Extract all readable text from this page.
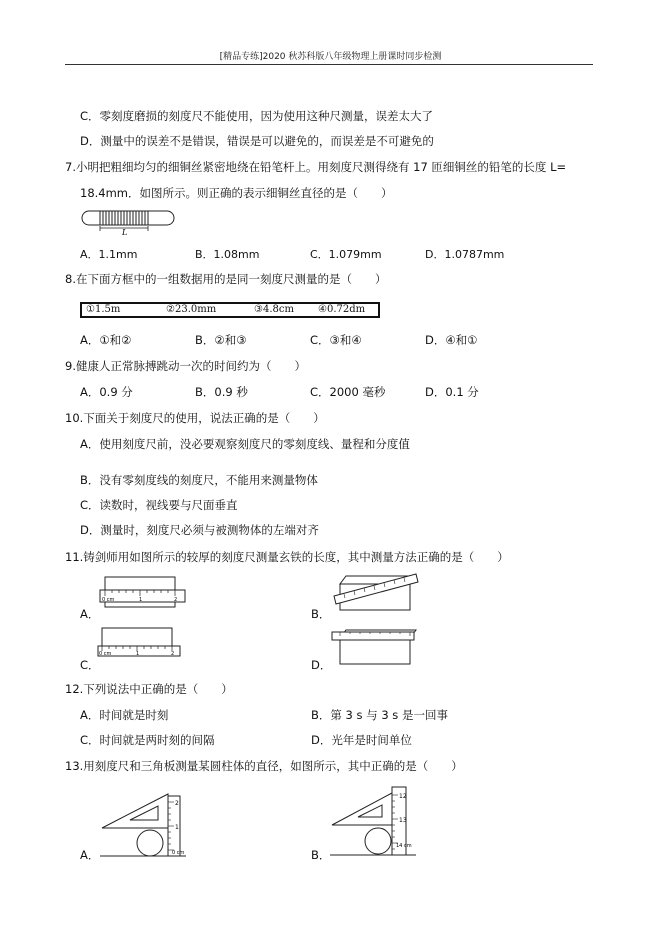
[精品专练]2020 秋苏科版八年级物理上册课时同步检测
C．零刻度磨损的刻度尺不能使用，因为使用这种尺测量，误差太大了
D．测量中的误差不是错误，错误是可以避免的，而误差是不可避免的
7.小明把粗细均匀的细铜丝紧密地绕在铅笔杆上。用刻度尺测得绕有 17 匝细铜丝的铅笔的长度 L=
18.4mm．如图所示。则正确的表示细铜丝直径的是（　　）
L
A．1.1mm	B．1.08mm	C．1.079mm	D．1.0787mm
8.在下面方框中的一组数据用的是同一刻度尺测量的是（　　）
①1.5m	②23.0mm	③4.8cm ④0.72dm
A．①和②	B．②和③	C．③和④	D．④和①
9.健康人正常脉搏跳动一次的时间约为（　　）
A．0.9 分	B．0.9 秒	C．2000 毫秒	D．0.1 分
10.下面关于刻度尺的使用，说法正确的是（　　）
A．使用刻度尺前，没必要观察刻度尺的零刻度线、量程和分度值
B．没有零刻度线的刻度尺，不能用来测量物体
C．读数时，视线要与尺面垂直
D．测量时，刻度尺必须与被测物体的左端对齐
11.铸剑师用如图所示的较厚的刻度尺测量玄铁的长度，其中测量方法正确的是（　　）
A．
0 cm	1	2
B．
C．
0 cm	1	2
D．
12.下列说法中正确的是（　　）
A．时间就是时刻	B．第 3 s 与 3 s 是一回事
C．时间就是两时刻的间隔	D．光年是时间单位
13.用刻度尺和三角板测量某圆柱体的直径，如图所示，其中正确的是（　　）
A．
2
1
0 cm	B．
12
13
14 cm
